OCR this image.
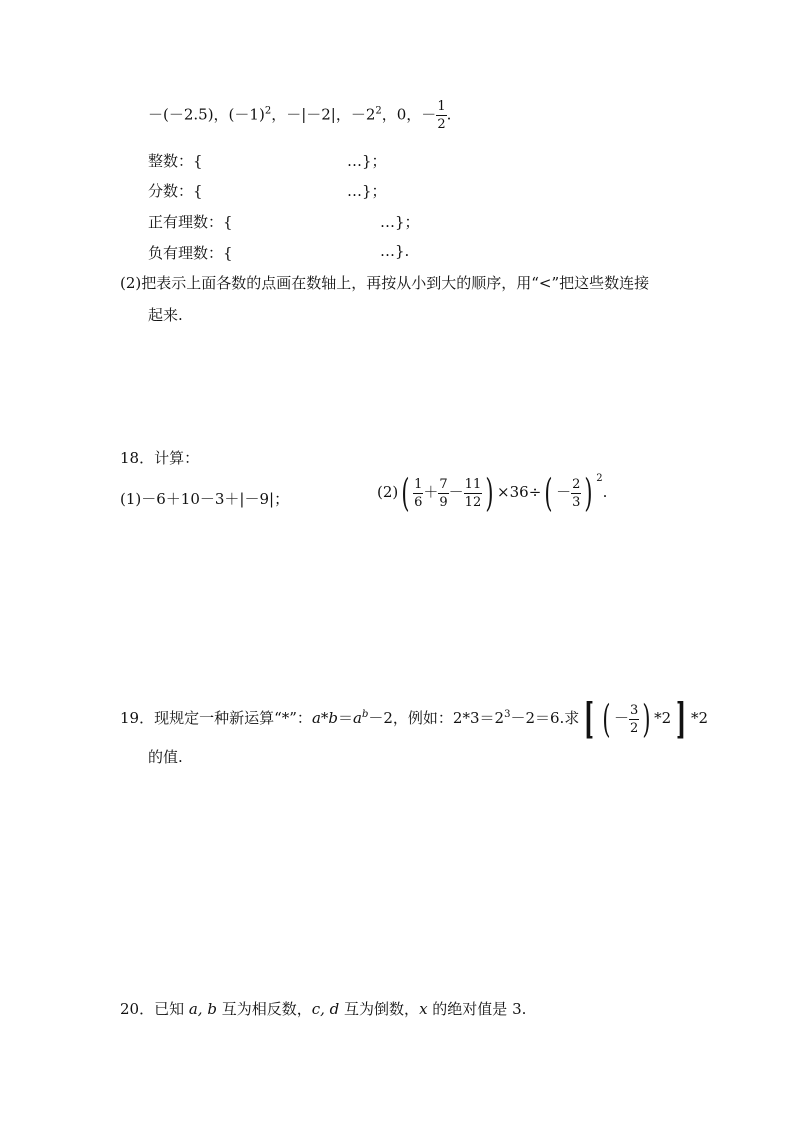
－(－2.5)，$(-1)^2$，－|－2|，$-2^2$，0，－ $\frac{1}{2}$ .
整数：{	…}；
分数：{	…}；
正有理数：{	…}；
负有理数：{	…}.
(2)把表示上面各数的点画在数轴上，再按从小到大的顺序，用“<”把这些数连接
起来.
18．计算：
(1)－6＋10－3＋|－9|；	$(2)( \frac{1}{6} + \frac{7}{9} - \frac{11}{12}$ ) $\times 36\div( - \frac{2}{3}$ ) $^2$.
19．现规定一种新运算“*”：$a*b=a^b-2$，例如：$2*3=2^3-2=6$.求 [ ( － $\frac{3}{2}$ ) *2 ] *2
的值.
20．已知 a, b 互为相反数，c, d 互为倒数，x 的绝对值是 3.
